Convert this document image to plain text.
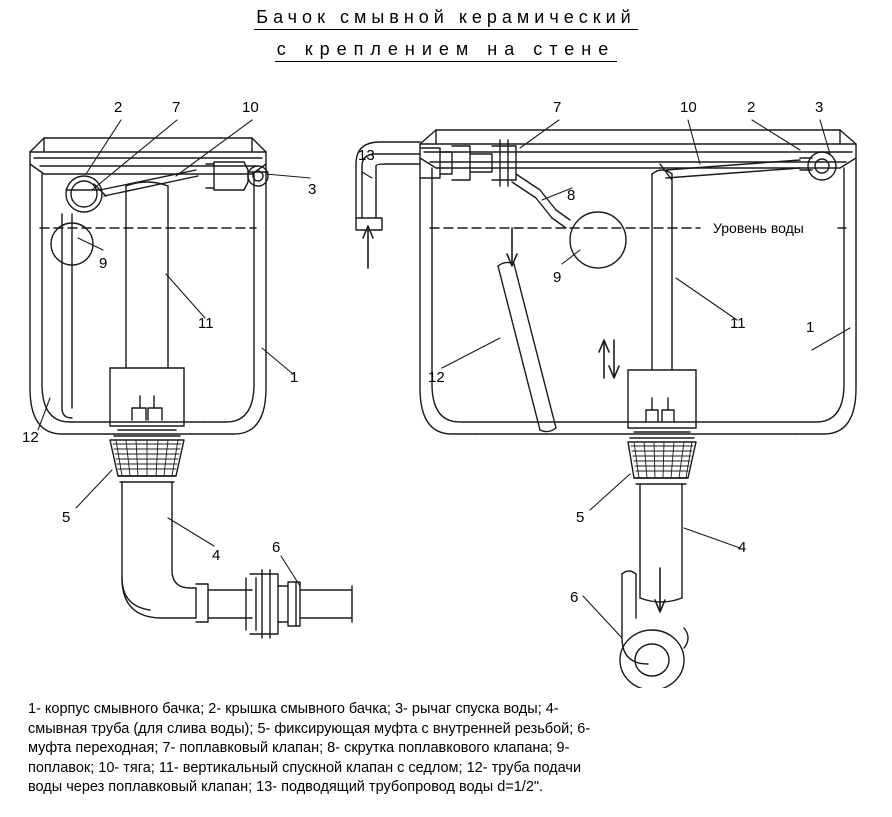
Бачок смывной керамический
с креплением на стене
2	7	10
3
9
11
1
12
5
4	6
13
7	10	2	3
8
9
12
11	1
5
4
6
Уровень воды

1- корпус смывного бачка; 2- крышка смывного бачка; 3- рычаг спуска воды; 4-

смывная труба (для слива воды); 5- фиксирующая муфта с внутренней резьбой; 6-

муфта переходная; 7- поплавковый клапан; 8- скрутка поплавкового клапана; 9-

поплавок; 10- тяга; 11- вертикальный спускной клапан с седлом; 12- труба подачи

воды через поплавковый клапан; 13- подводящий трубопровод воды d=1/2".
